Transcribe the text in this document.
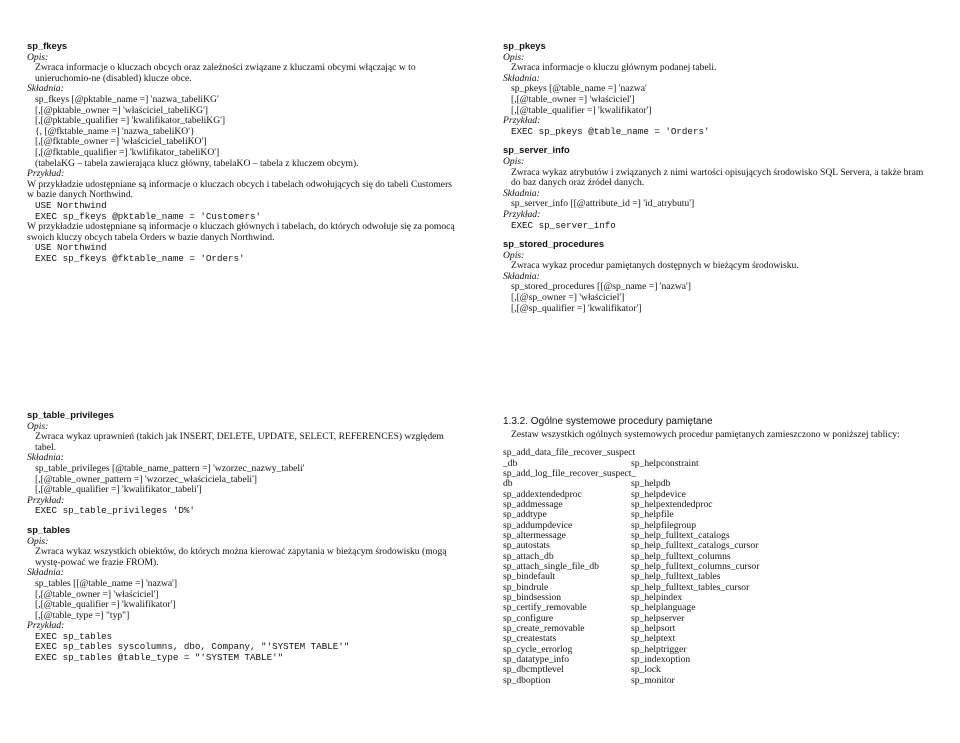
sp_fkeys
Opis:
Zwraca informacje o kluczach obcych oraz zależności związane z kluczami obcymi włączając w to unieruchomio-ne (disabled) klucze obce.
Składnia:
sp_fkeys [@pktable_name =] 'nazwa_tabeliKG'
[,[@pktable_owner =] 'właściciel_tabeliKG']
[,[@pktable_qualifier =] 'kwalifikator_tabeliKG']
{, [@fktable_name =] 'nazwa_tabeliKO'}
[,[@fktable_owner =] 'właściciel_tabeliKO']
[,[@fktable_qualifier =] 'kwlifikator_tabeliKO']
(tabelaKG – tabela zawierająca klucz główny, tabelaKO – tabela z kluczem obcym).
Przykład:
W przykładzie udostępniane są informacje o kluczach obcych i tabelach odwołujących się do tabeli Customers w bazie danych Northwind.
USE Northwind
EXEC sp_fkeys @pktable_name = 'Customers'
W przykładzie udostępniane są informacje o kluczach głównych i tabelach, do których odwołuje się za pomocą swoich kluczy obcych tabela Orders w bazie danych Northwind.
USE Northwind
EXEC sp_fkeys @fktable_name = 'Orders'
sp_pkeys
Opis:
Zwraca informacje o kluczu głównym podanej tabeli.
Składnia:
sp_pkeys [@table_name =] 'nazwa'
[,[@table_owner =] 'właściciel']
[,[@table_qualifier =] 'kwalifikator']
Przykład:
EXEC sp_pkeys @table_name = 'Orders'
sp_server_info
Opis:
Zwraca wykaz atrybutów i związanych z nimi wartości opisujących środowisko SQL Servera, a także bram do baz danych oraz źródeł danych.
Składnia:
sp_server_info [[@attribute_id =] 'id_atrybutu']
Przykład:
EXEC sp_server_info
sp_stored_procedures
Opis:
Zwraca wykaz procedur pamiętanych dostępnych w bieżącym środowisku.
Składnia:
sp_stored_procedures [[@sp_name =] 'nazwa']
[,[@sp_owner =] 'właściciel']
[,[@sp_qualifier =] 'kwalifikator']
sp_table_privileges
Opis:
Zwraca wykaz uprawnień (takich jak INSERT, DELETE, UPDATE, SELECT, REFERENCES) względem tabel.
Składnia:
sp_table_privileges [@table_name_pattern =] 'wzorzec_nazwy_tabeli'
[,[@table_owner_pattern =] 'wzorzec_właściciela_tabeli']
[,[@table_qualifier =] 'kwalifikator_tabeli']
Przykład:
EXEC sp_table_privileges 'D%'
sp_tables
Opis:
Zwraca wykaz wszystkich obiektów, do których można kierować zapytania w bieżącym środowisku (mogą wystę-pować we frazie FROM).
Składnia:
sp_tables [[@table_name =] 'nazwa']
[,[@table_owner =] 'właściciel']
[,[@table_qualifier =] 'kwalifikator']
[,[@table_type =] "typ"]
Przykład:
EXEC sp_tables
EXEC sp_tables syscolumns, dbo, Company, "'SYSTEM TABLE'"
EXEC sp_tables @table_type = "'SYSTEM TABLE'"
1.3.2. Ogólne systemowe procedury pamiętane
Zestaw wszystkich ogólnych systemowych procedur pamiętanych zamieszczono w poniższej tablicy:
sp_add_data_file_recover_suspect
_db
sp_add_log_file_recover_suspect_
db
sp_addextendedproc
sp_addmessage
sp_addtype
sp_addumpdevice
sp_altermessage
sp_autostats
sp_attach_db
sp_attach_single_file_db
sp_bindefault
sp_bindrule
sp_bindsession
sp_certify_removable
sp_configure
sp_create_removable
sp_createstats
sp_cycle_errorlog
sp_datatype_info
sp_dbcmptlevel
sp_dboption

sp_helpconstraint

sp_helpdb
sp_helpdevice
sp_helpextendedproc
sp_helpfile
sp_helpfilegroup
sp_help_fulltext_catalogs
sp_help_fulltext_catalogs_cursor
sp_help_fulltext_columns
sp_help_fulltext_columns_cursor
sp_help_fulltext_tables
sp_help_fulltext_tables_cursor
sp_helpindex
sp_helplanguage
sp_helpserver
sp_helpsort
sp_helptext
sp_helptrigger
sp_indexoption
sp_lock
sp_monitor
